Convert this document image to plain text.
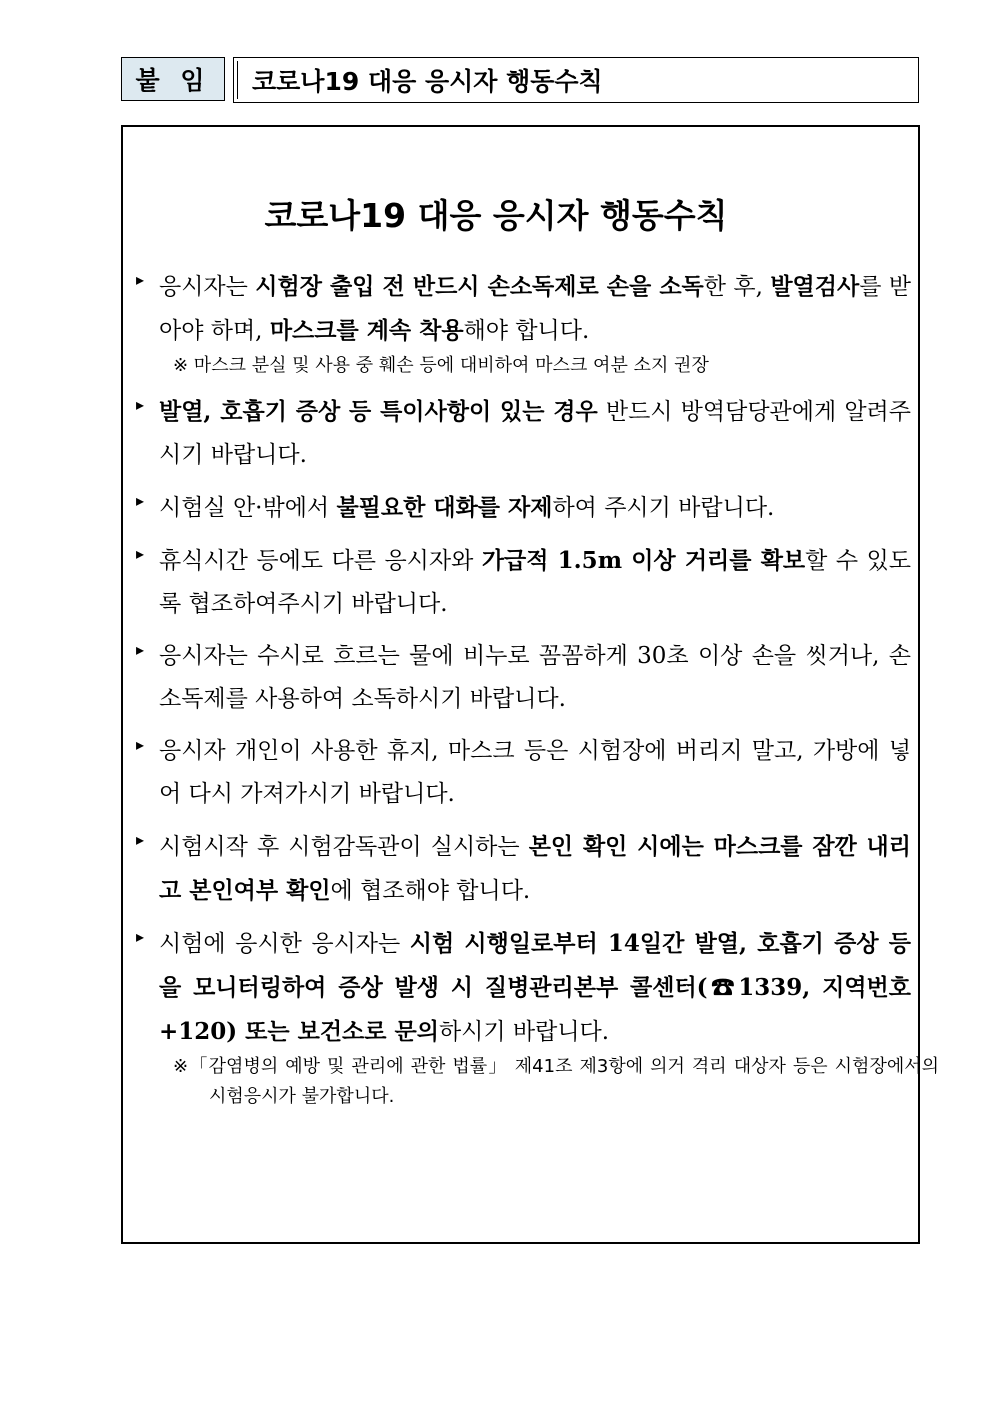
붙 임	코로나19 대응 응시자 행동수칙
코로나19 대응 응시자 행동수칙
▸ 응시자는 시험장 출입 전 반드시 손소독제로 손을 소독한 후, 발열검사를 받아야 하며, 마스크를 계속 착용해야 합니다.
※ 마스크 분실 및 사용 중 훼손 등에 대비하여 마스크 여분 소지 권장
▸ 발열, 호흡기 증상 등 특이사항이 있는 경우 반드시 방역담당관에게 알려주시기 바랍니다.
▸ 시험실 안·밖에서 불필요한 대화를 자제하여 주시기 바랍니다.
▸ 휴식시간 등에도 다른 응시자와 가급적 1.5m 이상 거리를 확보할 수 있도록 협조하여주시기 바랍니다.
▸ 응시자는 수시로 흐르는 물에 비누로 꼼꼼하게 30초 이상 손을 씻거나, 손소독제를 사용하여 소독하시기 바랍니다.
▸ 응시자 개인이 사용한 휴지, 마스크 등은 시험장에 버리지 말고, 가방에 넣어 다시 가져가시기 바랍니다.
▸ 시험시작 후 시험감독관이 실시하는 본인 확인 시에는 마스크를 잠깐 내리고 본인여부 확인에 협조해야 합니다.
▸ 시험에 응시한 응시자는 시험 시행일로부터 14일간 발열, 호흡기 증상 등을 모니터링하여 증상 발생 시 질병관리본부 콜센터(☎1339, 지역번호+120) 또는 보건소로 문의하시기 바랍니다.
※「감염병의 예방 및 관리에 관한 법률」 제41조 제3항에 의거 격리 대상자 등은 시험장에서의 시험응시가 불가합니다.
